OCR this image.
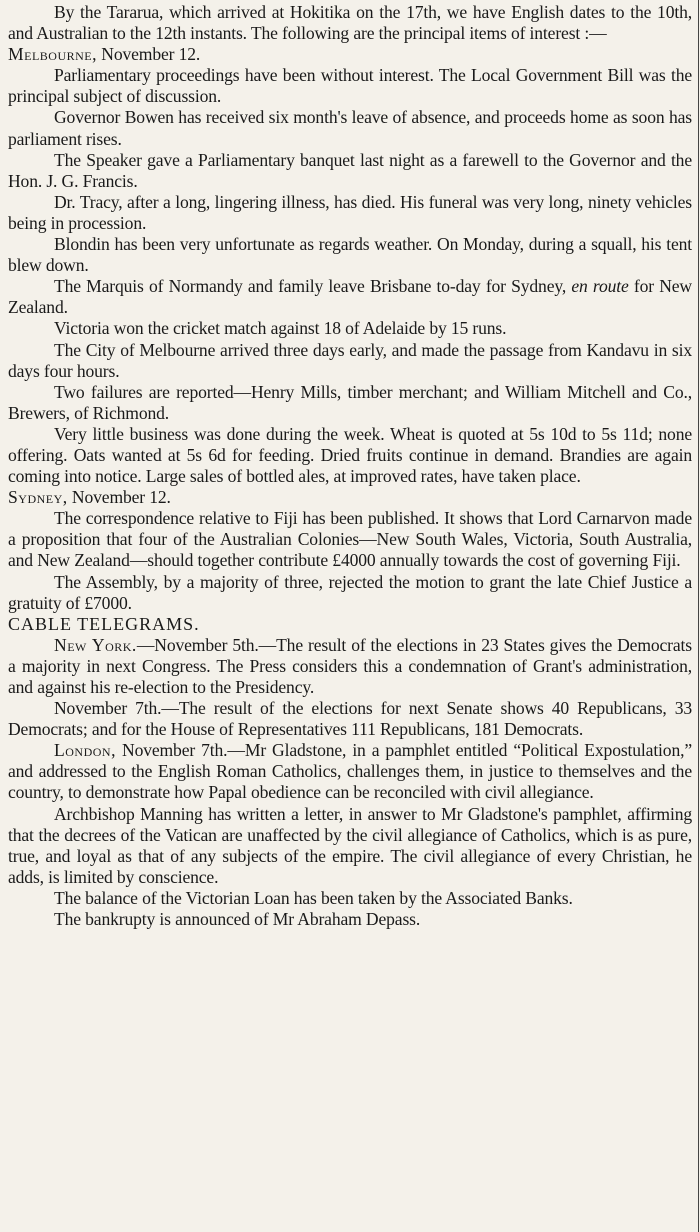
By the Tararua, which arrived at Hokitika on the 17th, we have English dates to the 10th, and Australian to the 12th instants. The following are the principal items of interest :—

Melbourne, November 12.

Parliamentary proceedings have been without interest. The Local Government Bill was the principal subject of discussion.

Governor Bowen has received six month's leave of absence, and proceeds home as soon has parliament rises.

The Speaker gave a Parliamentary banquet last night as a farewell to the Governor and the Hon. J. G. Francis.

Dr. Tracy, after a long, lingering illness, has died. His funeral was very long, ninety vehicles being in procession.

Blondin has been very unfortunate as regards weather. On Monday, during a squall, his tent blew down.

The Marquis of Normandy and family leave Brisbane to-day for Sydney, en route for New Zealand.

Victoria won the cricket match against 18 of Adelaide by 15 runs.

The City of Melbourne arrived three days early, and made the passage from Kandavu in six days four hours.

Two failures are reported—Henry Mills, timber merchant; and William Mitchell and Co., Brewers, of Richmond.

Very little business was done during the week. Wheat is quoted at 5s 10d to 5s 11d; none offering. Oats wanted at 5s 6d for feeding. Dried fruits continue in demand. Brandies are again coming into notice. Large sales of bottled ales, at improved rates, have taken place.

Sydney, November 12.

The correspondence relative to Fiji has been published. It shows that Lord Carnarvon made a proposition that four of the Australian Colonies—New South Wales, Victoria, South Australia, and New Zealand—should together contribute £4000 annually towards the cost of governing Fiji.

The Assembly, by a majority of three, rejected the motion to grant the late Chief Justice a gratuity of £7000.

CABLE TELEGRAMS.

New York.—November 5th.—The result of the elections in 23 States gives the Democrats a majority in next Congress. The Press considers this a condemnation of Grant's administration, and against his re-election to the Presidency.

November 7th.—The result of the elections for next Senate shows 40 Republicans, 33 Democrats; and for the House of Representatives 111 Republicans, 181 Democrats.

London, November 7th.—Mr Gladstone, in a pamphlet entitled “Political Expostulation,” and addressed to the English Roman Catholics, challenges them, in justice to themselves and the country, to demonstrate how Papal obedience can be reconciled with civil allegiance.

Archbishop Manning has written a letter, in answer to Mr Gladstone's pamphlet, affirming that the decrees of the Vatican are unaffected by the civil allegiance of Catholics, which is as pure, true, and loyal as that of any subjects of the empire. The civil allegiance of every Christian, he adds, is limited by conscience.

The balance of the Victorian Loan has been taken by the Associated Banks.

The bankrupty is announced of Mr Abraham Depass.
